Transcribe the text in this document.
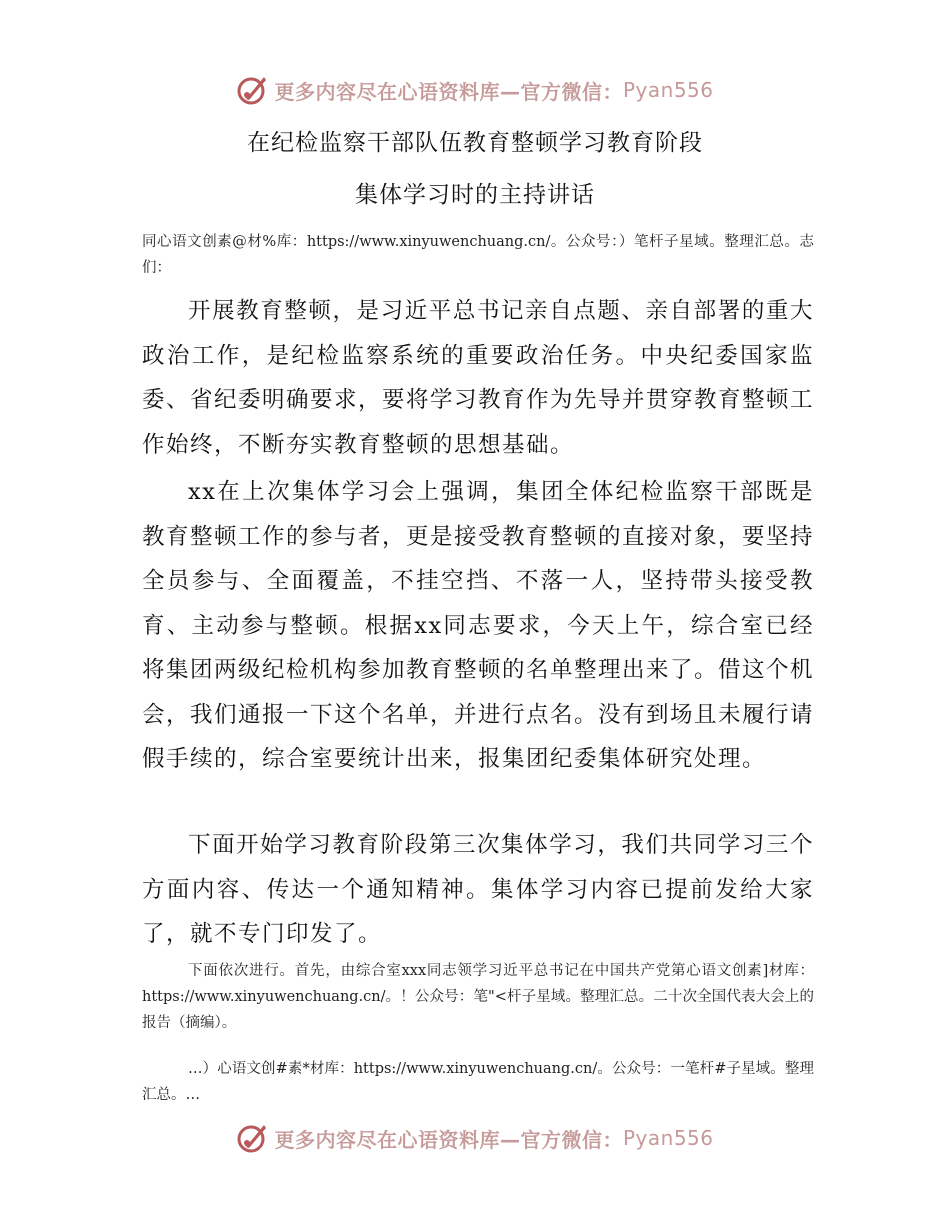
更多内容尽在心语资料库—官方微信： Pyan556
在纪检监察干部队伍教育整顿学习教育阶段
集体学习时的主持讲话
同心语文创素@材%库：https://www.xinyuwenchuang.cn/。公众号：）笔杆子星域。整理汇总。志们：
开展教育整顿，是习近平总书记亲自点题、亲自部署的重大政治工作，是纪检监察系统的重要政治任务。中央纪委国家监委、省纪委明确要求，要将学习教育作为先导并贯穿教育整顿工作始终，不断夯实教育整顿的思想基础。
xx在上次集体学习会上强调，集团全体纪检监察干部既是教育整顿工作的参与者，更是接受教育整顿的直接对象，要坚持全员参与、全面覆盖，不挂空挡、不落一人，坚持带头接受教育、主动参与整顿。根据xx同志要求，今天上午，综合室已经将集团两级纪检机构参加教育整顿的名单整理出来了。借这个机会，我们通报一下这个名单，并进行点名。没有到场且未履行请假手续的，综合室要统计出来，报集团纪委集体研究处理。
下面开始学习教育阶段第三次集体学习，我们共同学习三个方面内容、传达一个通知精神。集体学习内容已提前发给大家了，就不专门印发了。
下面依次进行。首先，由综合室xxx同志领学习近平总书记在中国共产党第心语文创素]材库：https://www.xinyuwenchuang.cn/。！公众号：笔"<杆子星域。整理汇总。二十次全国代表大会上的报告（摘编）。
…）心语文创#素*材库：https://www.xinyuwenchuang.cn/。公众号：一笔杆#子星域。整理汇总。…
更多内容尽在心语资料库—官方微信： Pyan556
